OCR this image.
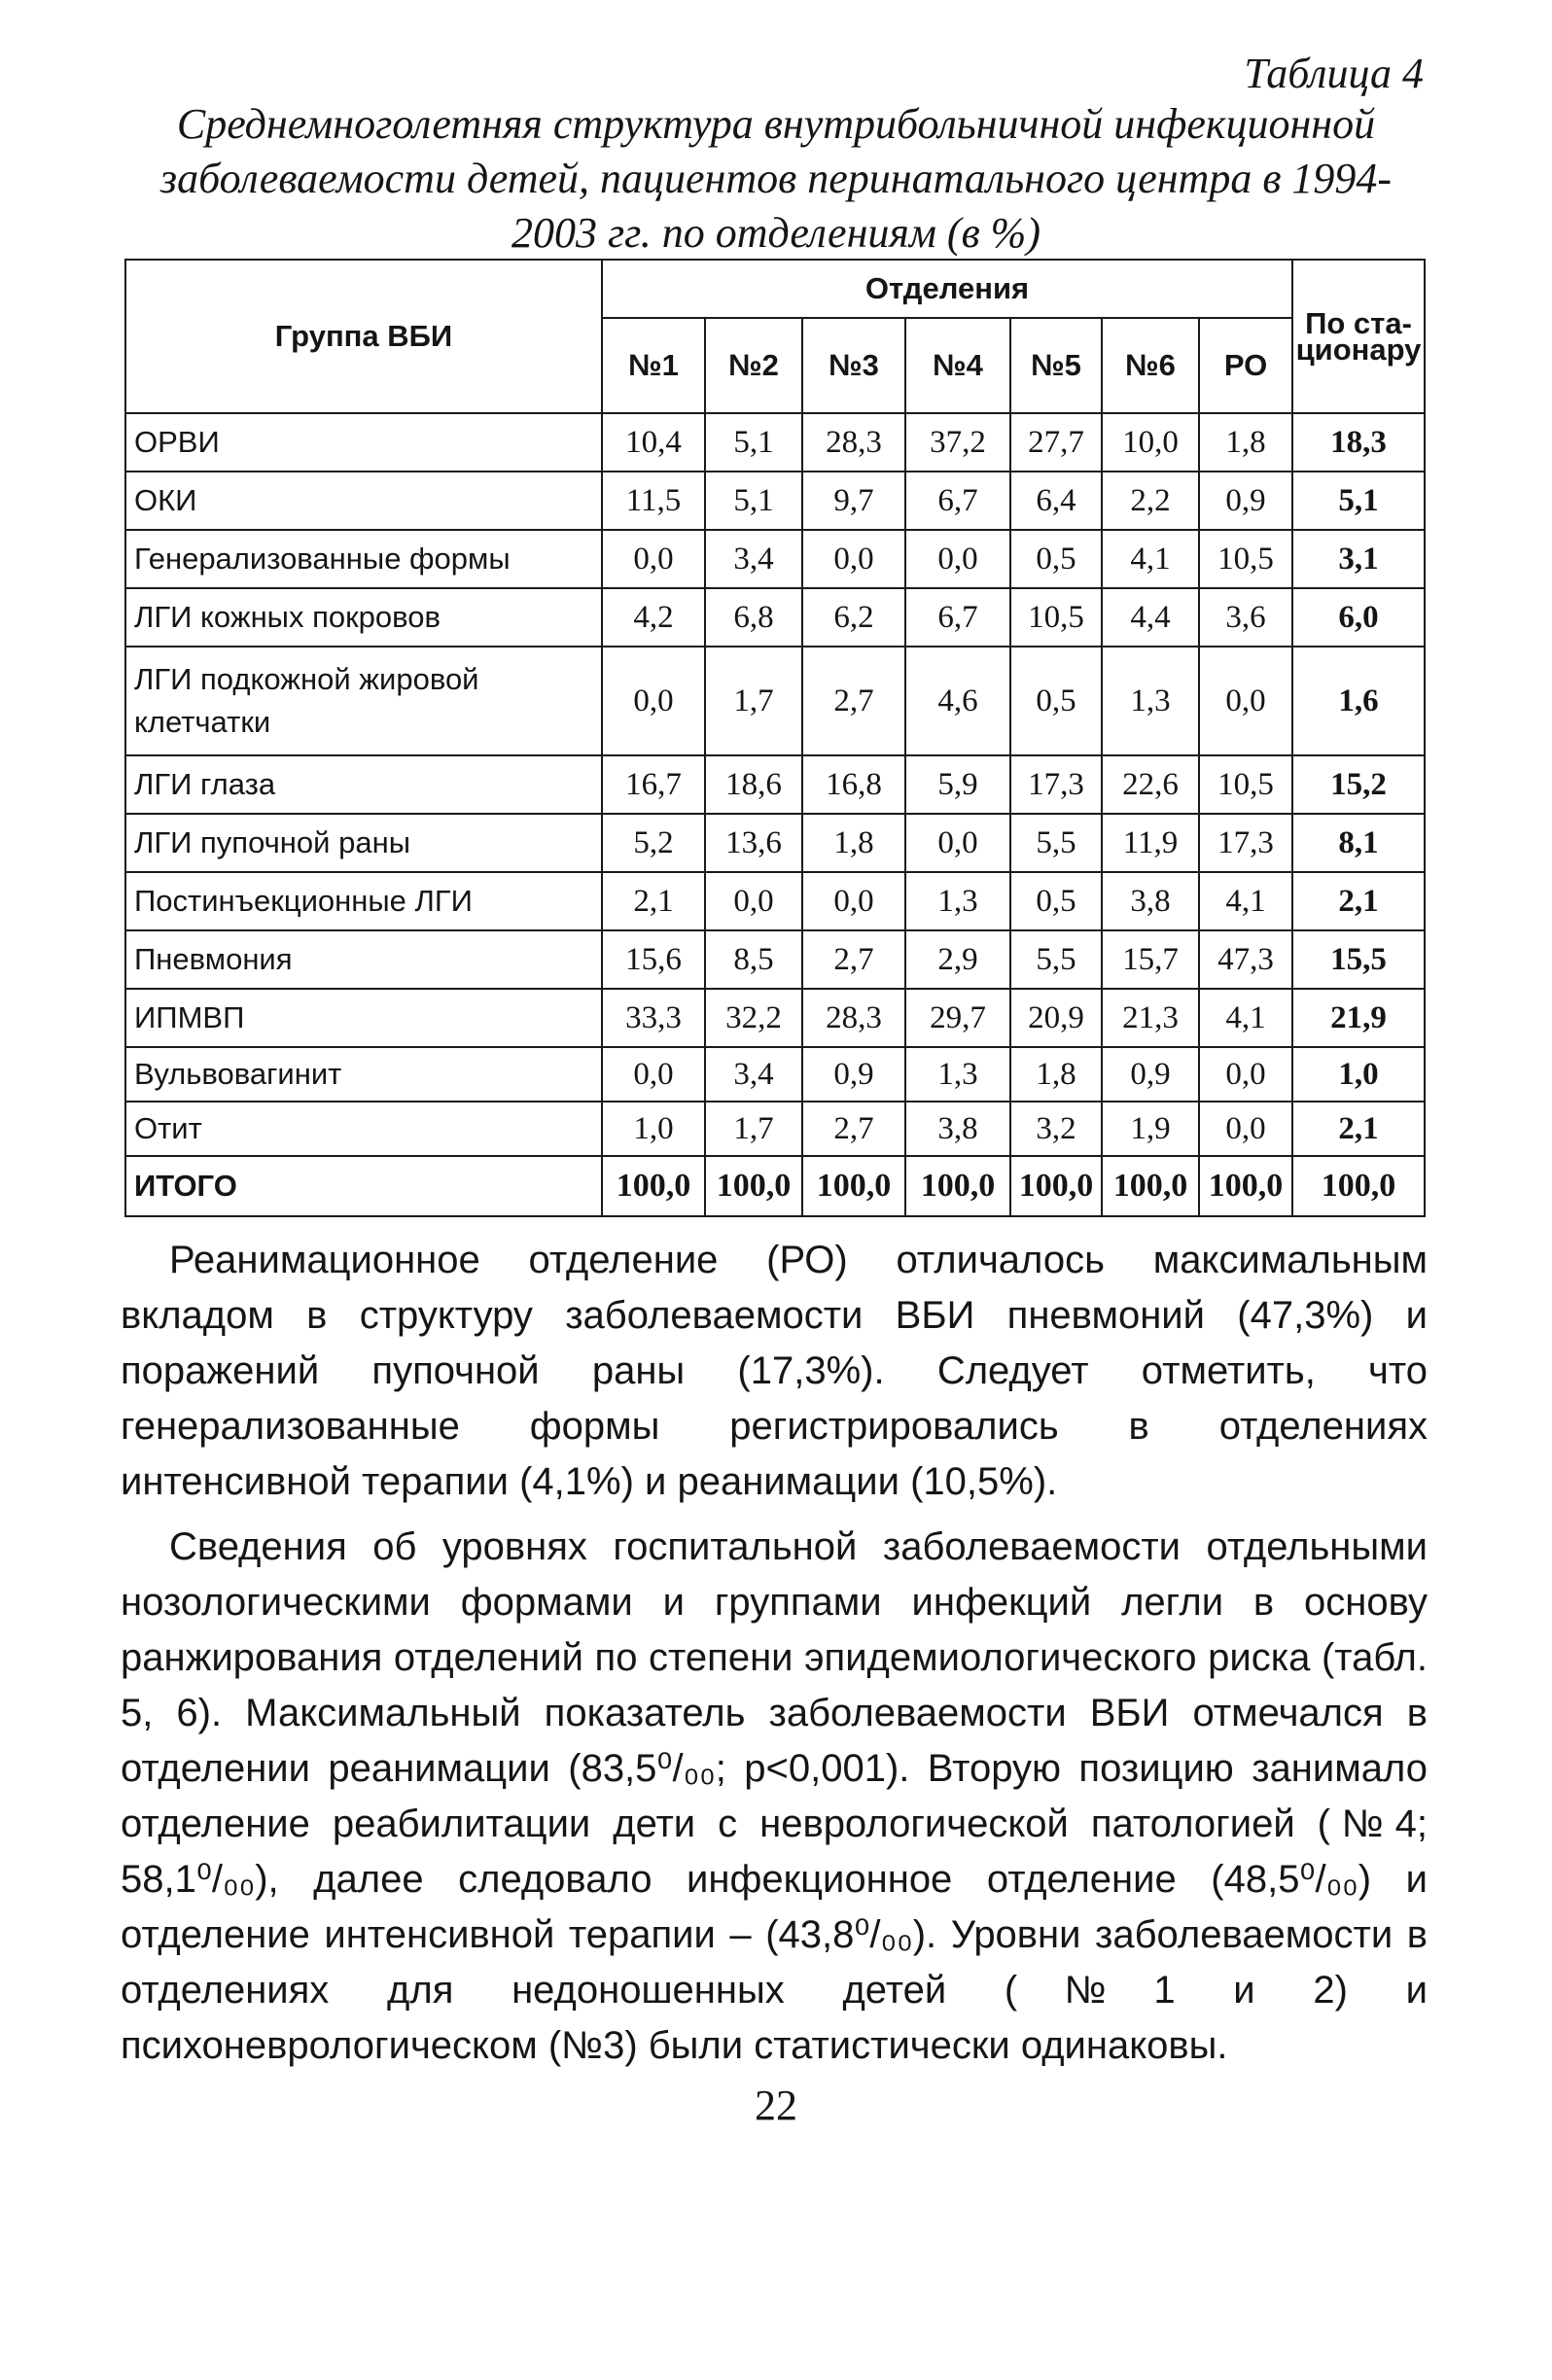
Таблица 4
Среднемноголетняя структура внутрибольничной инфекционной заболеваемости детей, пациентов перинатального центра в 1994-2003 гг. по отделениям (в %)
Группа ВБИ	Отделения							По ста-ционару
	№1	№2	№3	№4	№5	№6	РО	
ОРВИ	10,4	5,1	28,3	37,2	27,7	10,0	1,8	18,3
ОКИ	11,5	5,1	9,7	6,7	6,4	2,2	0,9	5,1
Генерализованные формы	0,0	3,4	0,0	0,0	0,5	4,1	10,5	3,1
ЛГИ кожных покровов	4,2	6,8	6,2	6,7	10,5	4,4	3,6	6,0
ЛГИ подкожной жировой клетчатки	0,0	1,7	2,7	4,6	0,5	1,3	0,0	1,6
ЛГИ глаза	16,7	18,6	16,8	5,9	17,3	22,6	10,5	15,2
ЛГИ пупочной раны	5,2	13,6	1,8	0,0	5,5	11,9	17,3	8,1
Постинъекционные ЛГИ	2,1	0,0	0,0	1,3	0,5	3,8	4,1	2,1
Пневмония	15,6	8,5	2,7	2,9	5,5	15,7	47,3	15,5
ИПМВП	33,3	32,2	28,3	29,7	20,9	21,3	4,1	21,9
Вульвовагинит	0,0	3,4	0,9	1,3	1,8	0,9	0,0	1,0
Отит	1,0	1,7	2,7	3,8	3,2	1,9	0,0	2,1
ИТОГО	100,0	100,0	100,0	100,0	100,0	100,0	100,0	100,0

Реанимационное отделение (РО) отличалось максимальным вкладом в структуру заболеваемости ВБИ пневмоний (47,3%) и поражений пупочной раны (17,3%). Следует отметить, что генерализованные формы регистрировались в отделениях интенсивной терапии (4,1%) и реанимации (10,5%).

Сведения об уровнях госпитальной заболеваемости отдельными нозологическими формами и группами инфекций легли в основу ранжирования отделений по степени эпидемиологического риска (табл. 5, 6). Максимальный показатель заболеваемости ВБИ отмечался в отделении реанимации (83,5⁰/₀₀; p<0,001). Вторую позицию занимало отделение реабилитации дети с неврологической патологией (№4; 58,1⁰/₀₀), далее следовало инфекционное отделение (48,5⁰/₀₀) и отделение интенсивной терапии – (43,8⁰/₀₀). Уровни заболеваемости в отделениях для недоношенных детей (№1 и 2) и психоневрологическом (№3) были статистически одинаковы.

22
